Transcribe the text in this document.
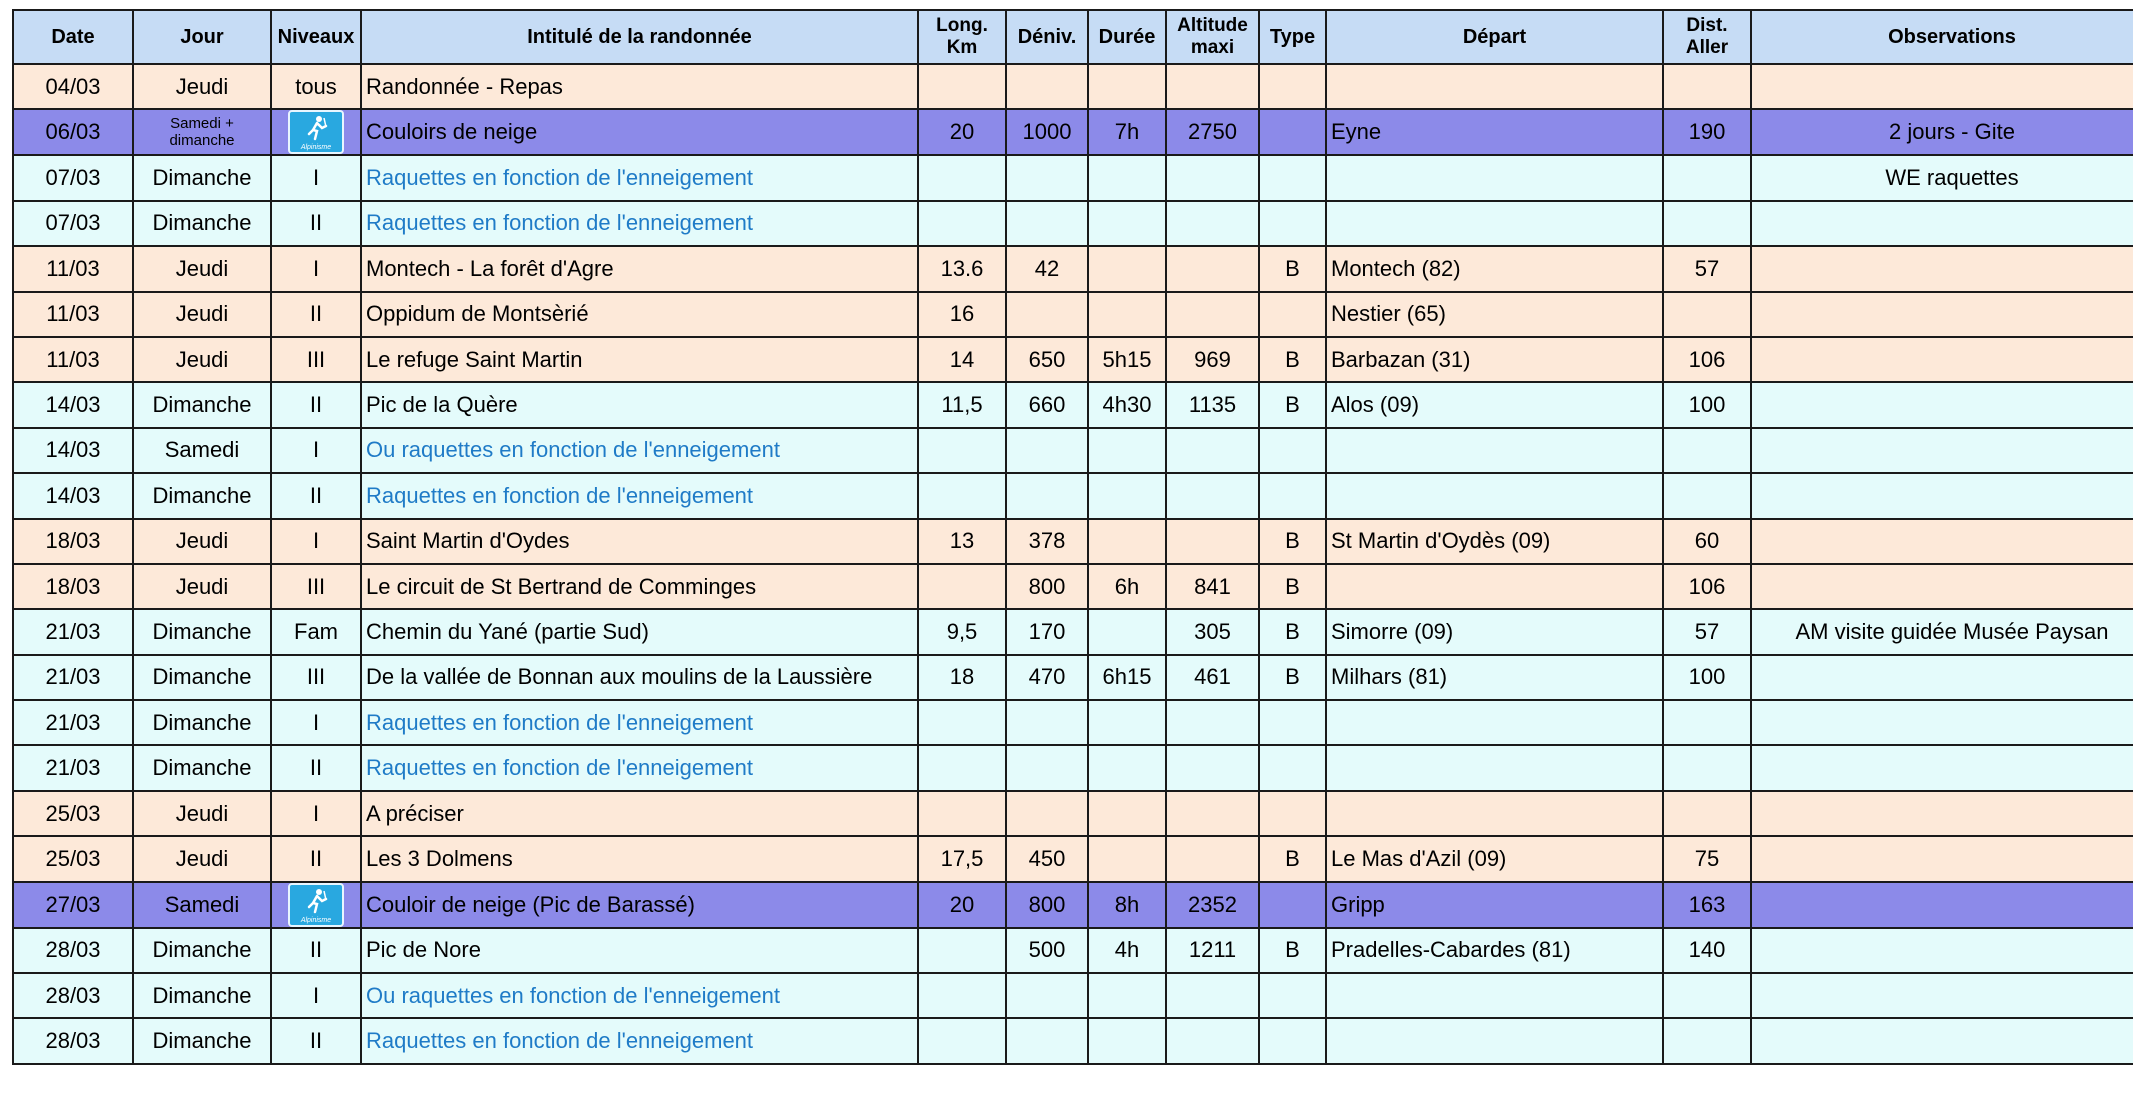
Date	Jour	Niveaux	Intitulé de la randonnée	Long. Km	Déniv.	Durée	Altitude maxi	Type	Départ	Dist. Aller	Observations
04/03	Jeudi	tous	Randonnée - Repas								
06/03	Samedi + dimanche	Alpinisme	Couloirs de neige	20	1000	7h	2750		Eyne	190	2 jours - Gite
07/03	Dimanche	I	Raquettes en fonction de l'enneigement								WE raquettes
07/03	Dimanche	II	Raquettes en fonction de l'enneigement								
11/03	Jeudi	I	Montech - La forêt d'Agre	13.6	42			B	Montech (82)	57	
11/03	Jeudi	II	Oppidum de Montsèrié	16					Nestier (65)		
11/03	Jeudi	III	Le refuge Saint Martin	14	650	5h15	969	B	Barbazan (31)	106	
14/03	Dimanche	II	Pic de la Quère	11,5	660	4h30	1135	B	Alos (09)	100	
14/03	Samedi	I	Ou raquettes en fonction de l'enneigement								
14/03	Dimanche	II	Raquettes en fonction de l'enneigement								
18/03	Jeudi	I	Saint Martin d'Oydes	13	378			B	St Martin d'Oydès (09)	60	
18/03	Jeudi	III	Le circuit de St Bertrand de Comminges		800	6h	841	B		106	
21/03	Dimanche	Fam	Chemin du Yané (partie Sud)	9,5	170		305	B	Simorre (09)	57	AM visite guidée Musée Paysan
21/03	Dimanche	III	De la vallée de Bonnan aux moulins de la Laussière	18	470	6h15	461	B	Milhars (81)	100	
21/03	Dimanche	I	Raquettes en fonction de l'enneigement								
21/03	Dimanche	II	Raquettes en fonction de l'enneigement								
25/03	Jeudi	I	A préciser								
25/03	Jeudi	II	Les 3 Dolmens	17,5	450			B	Le Mas d'Azil (09)	75	
27/03	Samedi	Alpinisme	Couloir de neige (Pic de Barassé)	20	800	8h	2352		Gripp	163	
28/03	Dimanche	II	Pic de Nore		500	4h	1211	B	Pradelles-Cabardes (81)	140	
28/03	Dimanche	I	Ou raquettes en fonction de l'enneigement								
28/03	Dimanche	II	Raquettes en fonction de l'enneigement								
